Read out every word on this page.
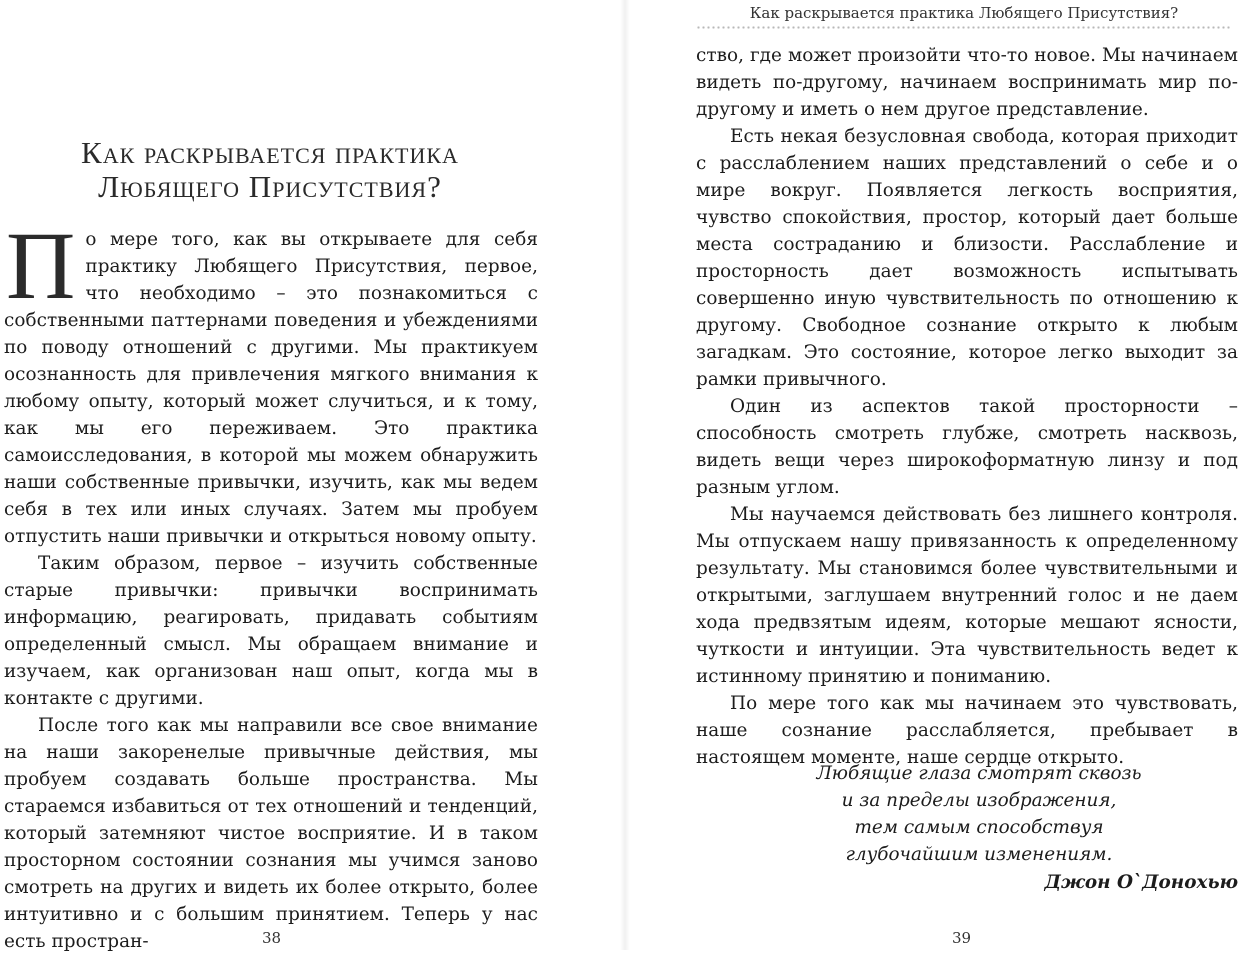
Как раскрывается практика
Любящего Присутствия?

По мере того, как вы открываете для себя практику Любящего Присутствия, первое, что необходимо – это познакомиться с собственными паттернами поведения и убеждениями по поводу отношений с другими. Мы практикуем осознанность для привлечения мягкого внимания к любому опыту, который может случиться, и к тому, как мы его переживаем. Это практика самоисследования, в которой мы можем обнаружить наши собственные привычки, изучить, как мы ведем себя в тех или иных случаях. Затем мы пробуем отпустить наши привычки и открыться новому опыту.

Таким образом, первое – изучить собственные старые привычки: привычки воспринимать информацию, реагировать, придавать событиям определенный смысл. Мы обращаем внимание и изучаем, как организован наш опыт, когда мы в контакте с другими.

После того как мы направили все свое внимание на наши закоренелые привычные действия, мы пробуем создавать больше пространства. Мы стараемся избавиться от тех отношений и тенденций, который затемняют чистое восприятие. И в таком просторном состоянии сознания мы учимся заново смотреть на других и видеть их более открыто, более интуитивно и с большим принятием. Теперь у нас есть простран-	38
Как раскрывается практика Любящего Присутствия?

ство, где может произойти что-то новое. Мы начинаем видеть по-другому, начинаем воспринимать мир по-другому и иметь о нем другое представление.

Есть некая безусловная свобода, которая приходит с расслаблением наших представлений о себе и о мире вокруг. Появляется легкость восприятия, чувство спокойствия, простор, который дает больше места состраданию и близости. Расслабление и просторность дает возможность испытывать совершенно иную чувствительность по отношению к другому. Свободное сознание открыто к любым загадкам. Это состояние, которое легко выходит за рамки привычного.

Один из аспектов такой просторности – способность смотреть глубже, смотреть насквозь, видеть вещи через широкоформатную линзу и под разным углом.

Мы научаемся действовать без лишнего контроля. Мы отпускаем нашу привязанность к определенному результату. Мы становимся более чувствительными и открытыми, заглушаем внутренний голос и не даем хода предвзятым идеям, которые мешают ясности, чуткости и интуиции. Эта чувствительность ведет к истинному принятию и пониманию.

По мере того как мы начинаем это чувствовать, наше сознание расслабляется, пребывает в настоящем моменте, наше сердце открыто.

Любящие глаза смотрят сквозь
и за пределы изображения,
тем самым способствуя
глубочайшим изменениям.
Джон О`Донохью
39
